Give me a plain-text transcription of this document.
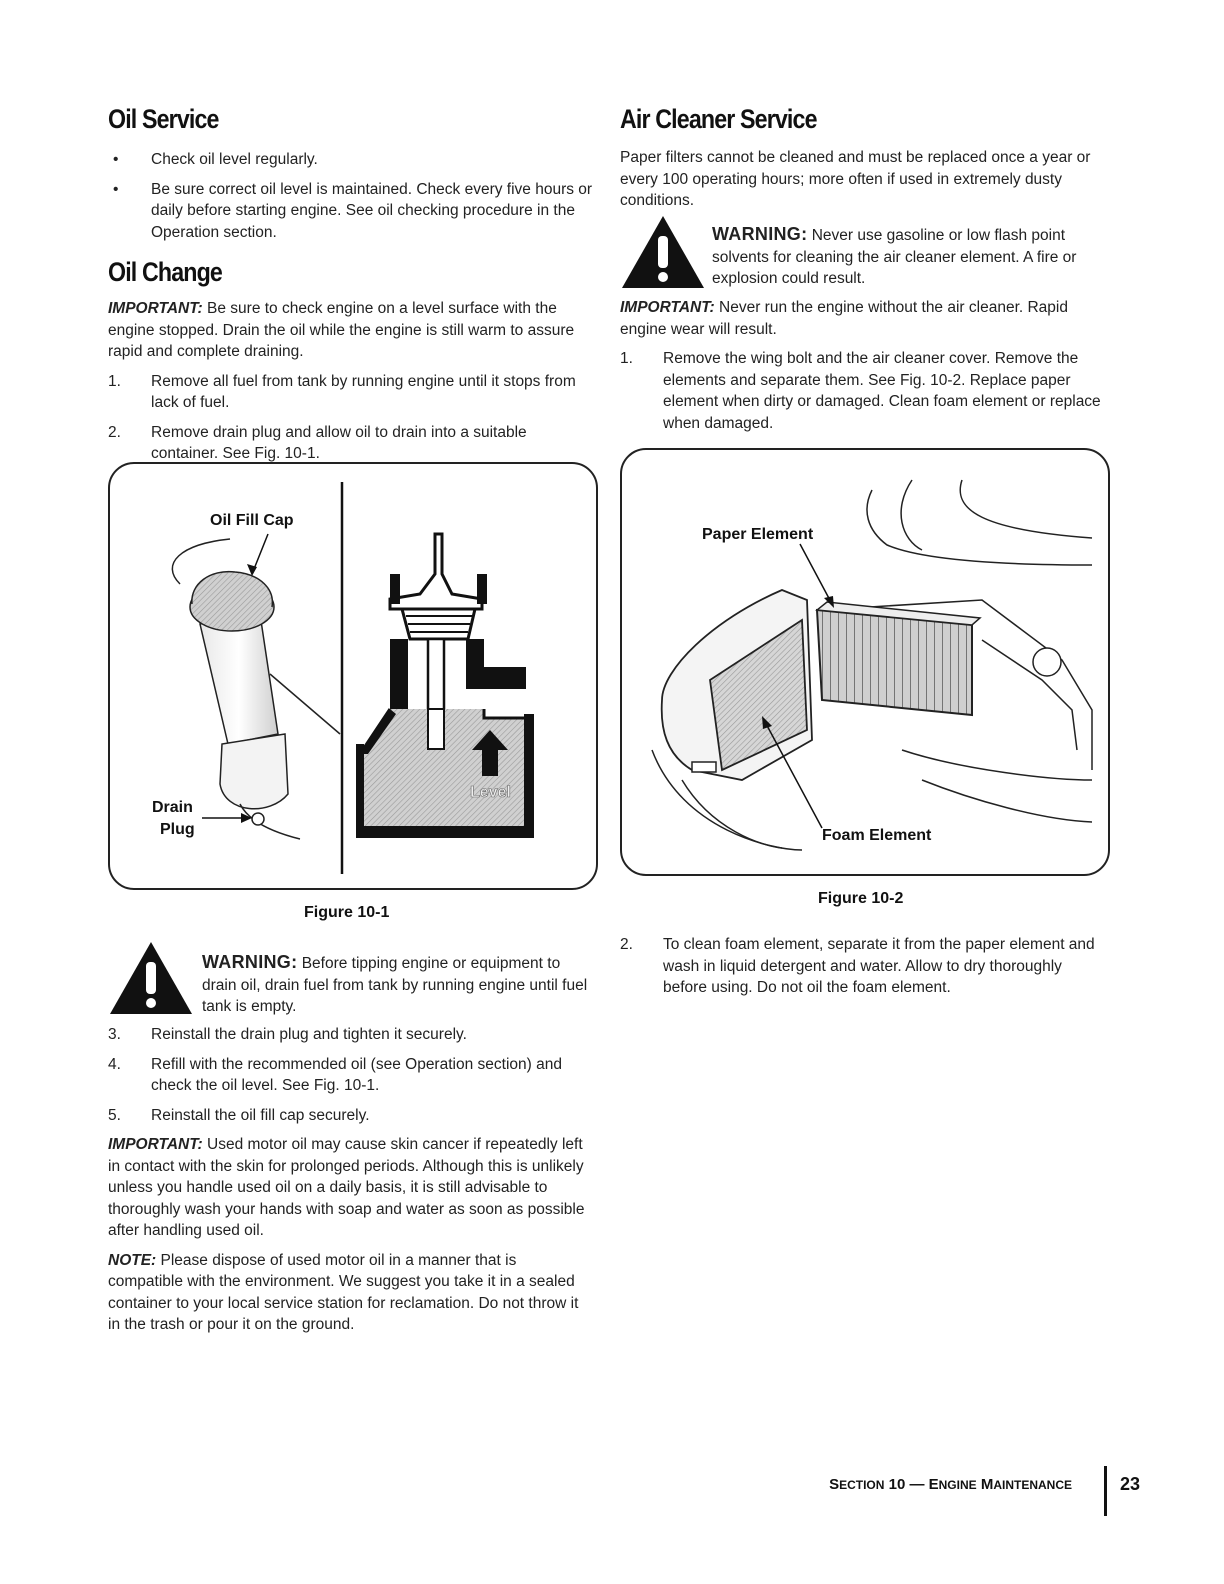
Oil Service
• Check oil level regularly.
• Be sure correct oil level is maintained. Check every five hours or daily before starting engine. See oil checking procedure in the Operation section.
Oil Change

IMPORTANT: Be sure to check engine on a level surface with the engine stopped. Drain the oil while the engine is still warm to assure rapid and complete draining.

1. Remove all fuel from tank by running engine until it stops from lack of fuel.
2. Remove drain plug and allow oil to drain into a suitable container. See Fig. 10-1.
Oil Fill Cap
Drain
Plug
Level
Figure 10-1
WARNING: Before tipping engine or equipment to drain oil, drain fuel from tank by running engine until fuel tank is empty.
3. Reinstall the drain plug and tighten it securely.
4. Refill with the recommended oil (see Operation section) and check the oil level. See Fig. 10-1.
5. Reinstall the oil fill cap securely.

IMPORTANT: Used motor oil may cause skin cancer if repeatedly left in contact with the skin for prolonged periods. Although this is unlikely unless you handle used oil on a daily basis, it is still advisable to thoroughly wash your hands with soap and water as soon as possible after handling used oil.

NOTE: Please dispose of used motor oil in a manner that is compatible with the environment. We suggest you take it in a sealed container to your local service station for reclamation. Do not throw it in the trash or pour it on the ground.

Air Cleaner Service

Paper filters cannot be cleaned and must be replaced once a year or every 100 operating hours; more often if used in extremely dusty conditions.

WARNING: Never use gasoline or low flash point solvents for cleaning the air cleaner element. A fire or explosion could result.

IMPORTANT: Never run the engine without the air cleaner. Rapid engine wear will result.

1. Remove the wing bolt and the air cleaner cover. Remove the elements and separate them. See Fig. 10-2. Replace paper element when dirty or damaged. Clean foam element or replace when damaged.
Paper Element
Foam Element
Figure 10-2
2. To clean foam element, separate it from the paper element and wash in liquid detergent and water. Allow to dry thoroughly before using. Do not oil the foam element.
SECTION 10 — ENGINE MAINTENANCE	23
